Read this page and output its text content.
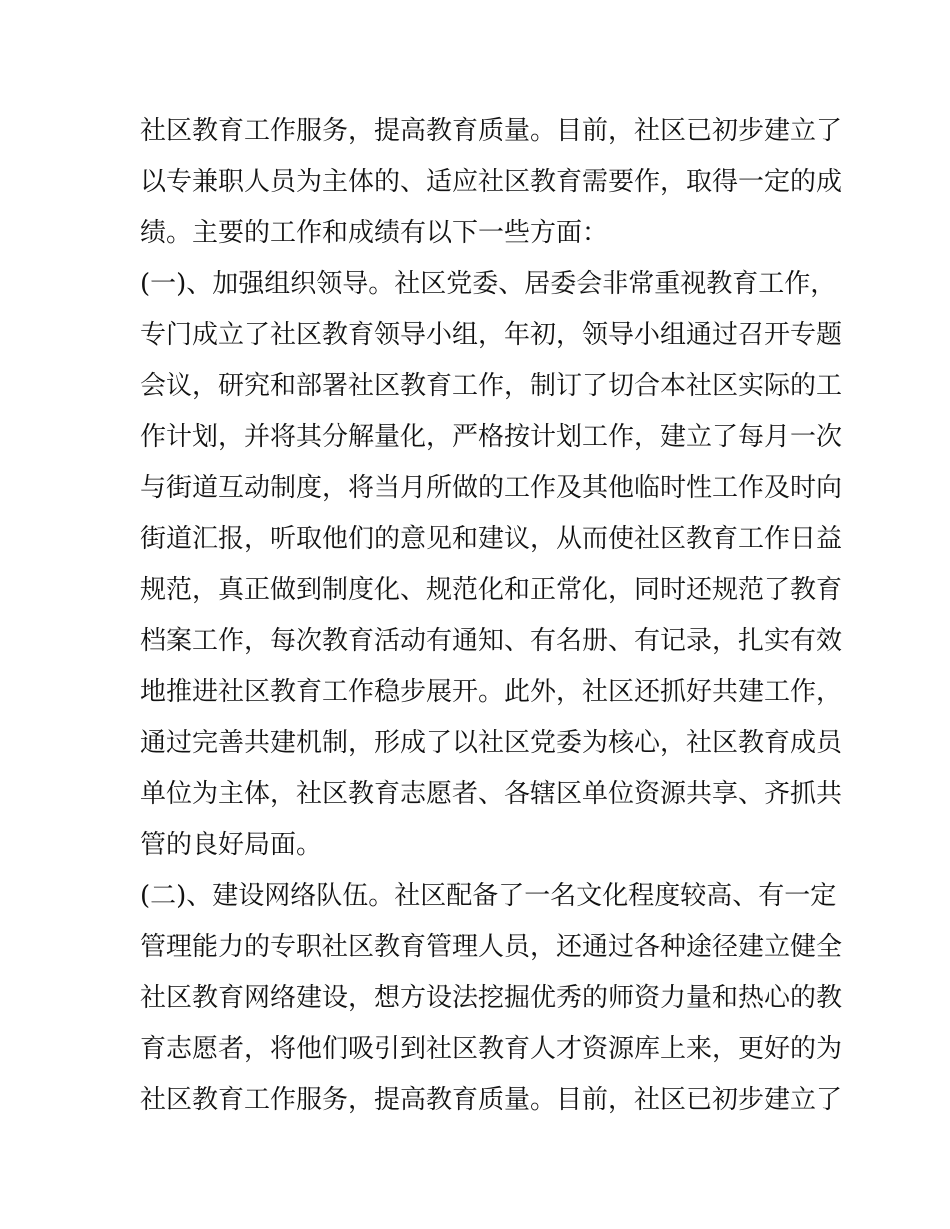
社区教育工作服务，提高教育质量。目前，社区已初步建立了
以专兼职人员为主体的、适应社区教育需要作，取得一定的成
绩。主要的工作和成绩有以下一些方面：
(一)、加强组织领导。社区党委、居委会非常重视教育工作，
专门成立了社区教育领导小组，年初，领导小组通过召开专题
会议，研究和部署社区教育工作，制订了切合本社区实际的工
作计划，并将其分解量化，严格按计划工作，建立了每月一次
与街道互动制度，将当月所做的工作及其他临时性工作及时向
街道汇报，听取他们的意见和建议，从而使社区教育工作日益
规范，真正做到制度化、规范化和正常化，同时还规范了教育
档案工作，每次教育活动有通知、有名册、有记录，扎实有效
地推进社区教育工作稳步展开。此外，社区还抓好共建工作，
通过完善共建机制，形成了以社区党委为核心，社区教育成员
单位为主体，社区教育志愿者、各辖区单位资源共享、齐抓共
管的良好局面。
(二)、建设网络队伍。社区配备了一名文化程度较高、有一定
管理能力的专职社区教育管理人员，还通过各种途径建立健全
社区教育网络建设，想方设法挖掘优秀的师资力量和热心的教
育志愿者，将他们吸引到社区教育人才资源库上来，更好的为
社区教育工作服务，提高教育质量。目前，社区已初步建立了
